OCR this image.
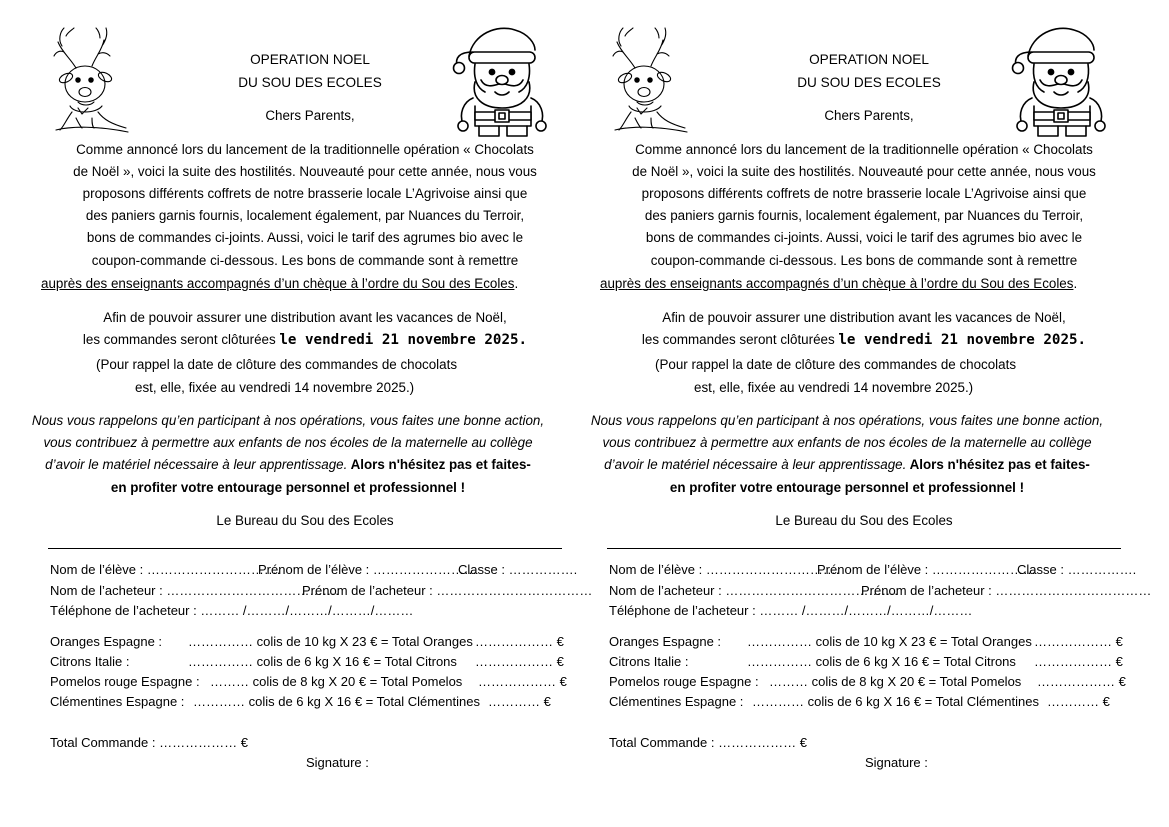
OPERATION NOEL
DU SOU DES ECOLES
Chers Parents,
Comme annoncé lors du lancement de la traditionnelle opération « Chocolats
de Noël », voici la suite des hostilités. Nouveauté pour cette année, nous vous
proposons différents coffrets de notre brasserie locale L’Agrivoise ainsi que
des paniers garnis fournis, localement également, par Nuances du Terroir,
bons de commandes ci-joints. Aussi, voici le tarif des agrumes bio avec le
coupon-commande ci-dessous. Les bons de commande sont à remettre
auprès des enseignants accompagnés d’un chèque à l’ordre du Sou des Ecoles.
Afin de pouvoir assurer une distribution avant les vacances de Noël,
les commandes seront clôturées le vendredi 21 novembre 2025.
(Pour rappel la date de clôture des commandes de chocolats
est, elle, fixée au vendredi 14 novembre 2025.)
Nous vous rappelons qu’en participant à nos opérations, vous faites une bonne action,
vous contribuez à permettre aux enfants de nos écoles de la maternelle au collège
d’avoir le matériel nécessaire à leur apprentissage. Alors n'hésitez pas et faites-
en profiter votre entourage personnel et professionnel !
Le Bureau du Sou des Ecoles
Nom de l’élève : ………………………….
Prénom de l’élève : ……………………
Classe : …………….
Nom de l’acheteur : ………………………………….
Prénom de l’acheteur : ………………………………
Téléphone de l’acheteur : ……… /………/………/………/………
Oranges Espagne : …………… colis de 10 kg X 23 € = Total Oranges ……………… €
Citrons Italie :	…………… colis de 6 kg X 16 € = Total Citrons ……………… €
Pomelos rouge Espagne : ……… colis de 8 kg X 20 € = Total Pomelos ……………… €
Clémentines Espagne : ………… colis de 6 kg X 16 € = Total Clémentines ………… €
Total Commande : ……………… €
Signature :
OPERATION NOEL
DU SOU DES ECOLES
Chers Parents,
Comme annoncé lors du lancement de la traditionnelle opération « Chocolats
de Noël », voici la suite des hostilités. Nouveauté pour cette année, nous vous
proposons différents coffrets de notre brasserie locale L’Agrivoise ainsi que
des paniers garnis fournis, localement également, par Nuances du Terroir,
bons de commandes ci-joints. Aussi, voici le tarif des agrumes bio avec le
coupon-commande ci-dessous. Les bons de commande sont à remettre
auprès des enseignants accompagnés d’un chèque à l’ordre du Sou des Ecoles.
Afin de pouvoir assurer une distribution avant les vacances de Noël,
les commandes seront clôturées le vendredi 21 novembre 2025.
(Pour rappel la date de clôture des commandes de chocolats
est, elle, fixée au vendredi 14 novembre 2025.)
Nous vous rappelons qu’en participant à nos opérations, vous faites une bonne action,
vous contribuez à permettre aux enfants de nos écoles de la maternelle au collège
d’avoir le matériel nécessaire à leur apprentissage. Alors n'hésitez pas et faites-
en profiter votre entourage personnel et professionnel !
Le Bureau du Sou des Ecoles
Nom de l’élève : ………………………….
Prénom de l’élève : ……………………
Classe : …………….
Nom de l’acheteur : ………………………………….
Prénom de l’acheteur : ………………………………
Téléphone de l’acheteur : ……… /………/………/………/………
Oranges Espagne : …………… colis de 10 kg X 23 € = Total Oranges ……………… €
Citrons Italie :	…………… colis de 6 kg X 16 € = Total Citrons ……………… €
Pomelos rouge Espagne : ……… colis de 8 kg X 20 € = Total Pomelos ……………… €
Clémentines Espagne : ………… colis de 6 kg X 16 € = Total Clémentines ………… €
Total Commande : ……………… €
Signature :
